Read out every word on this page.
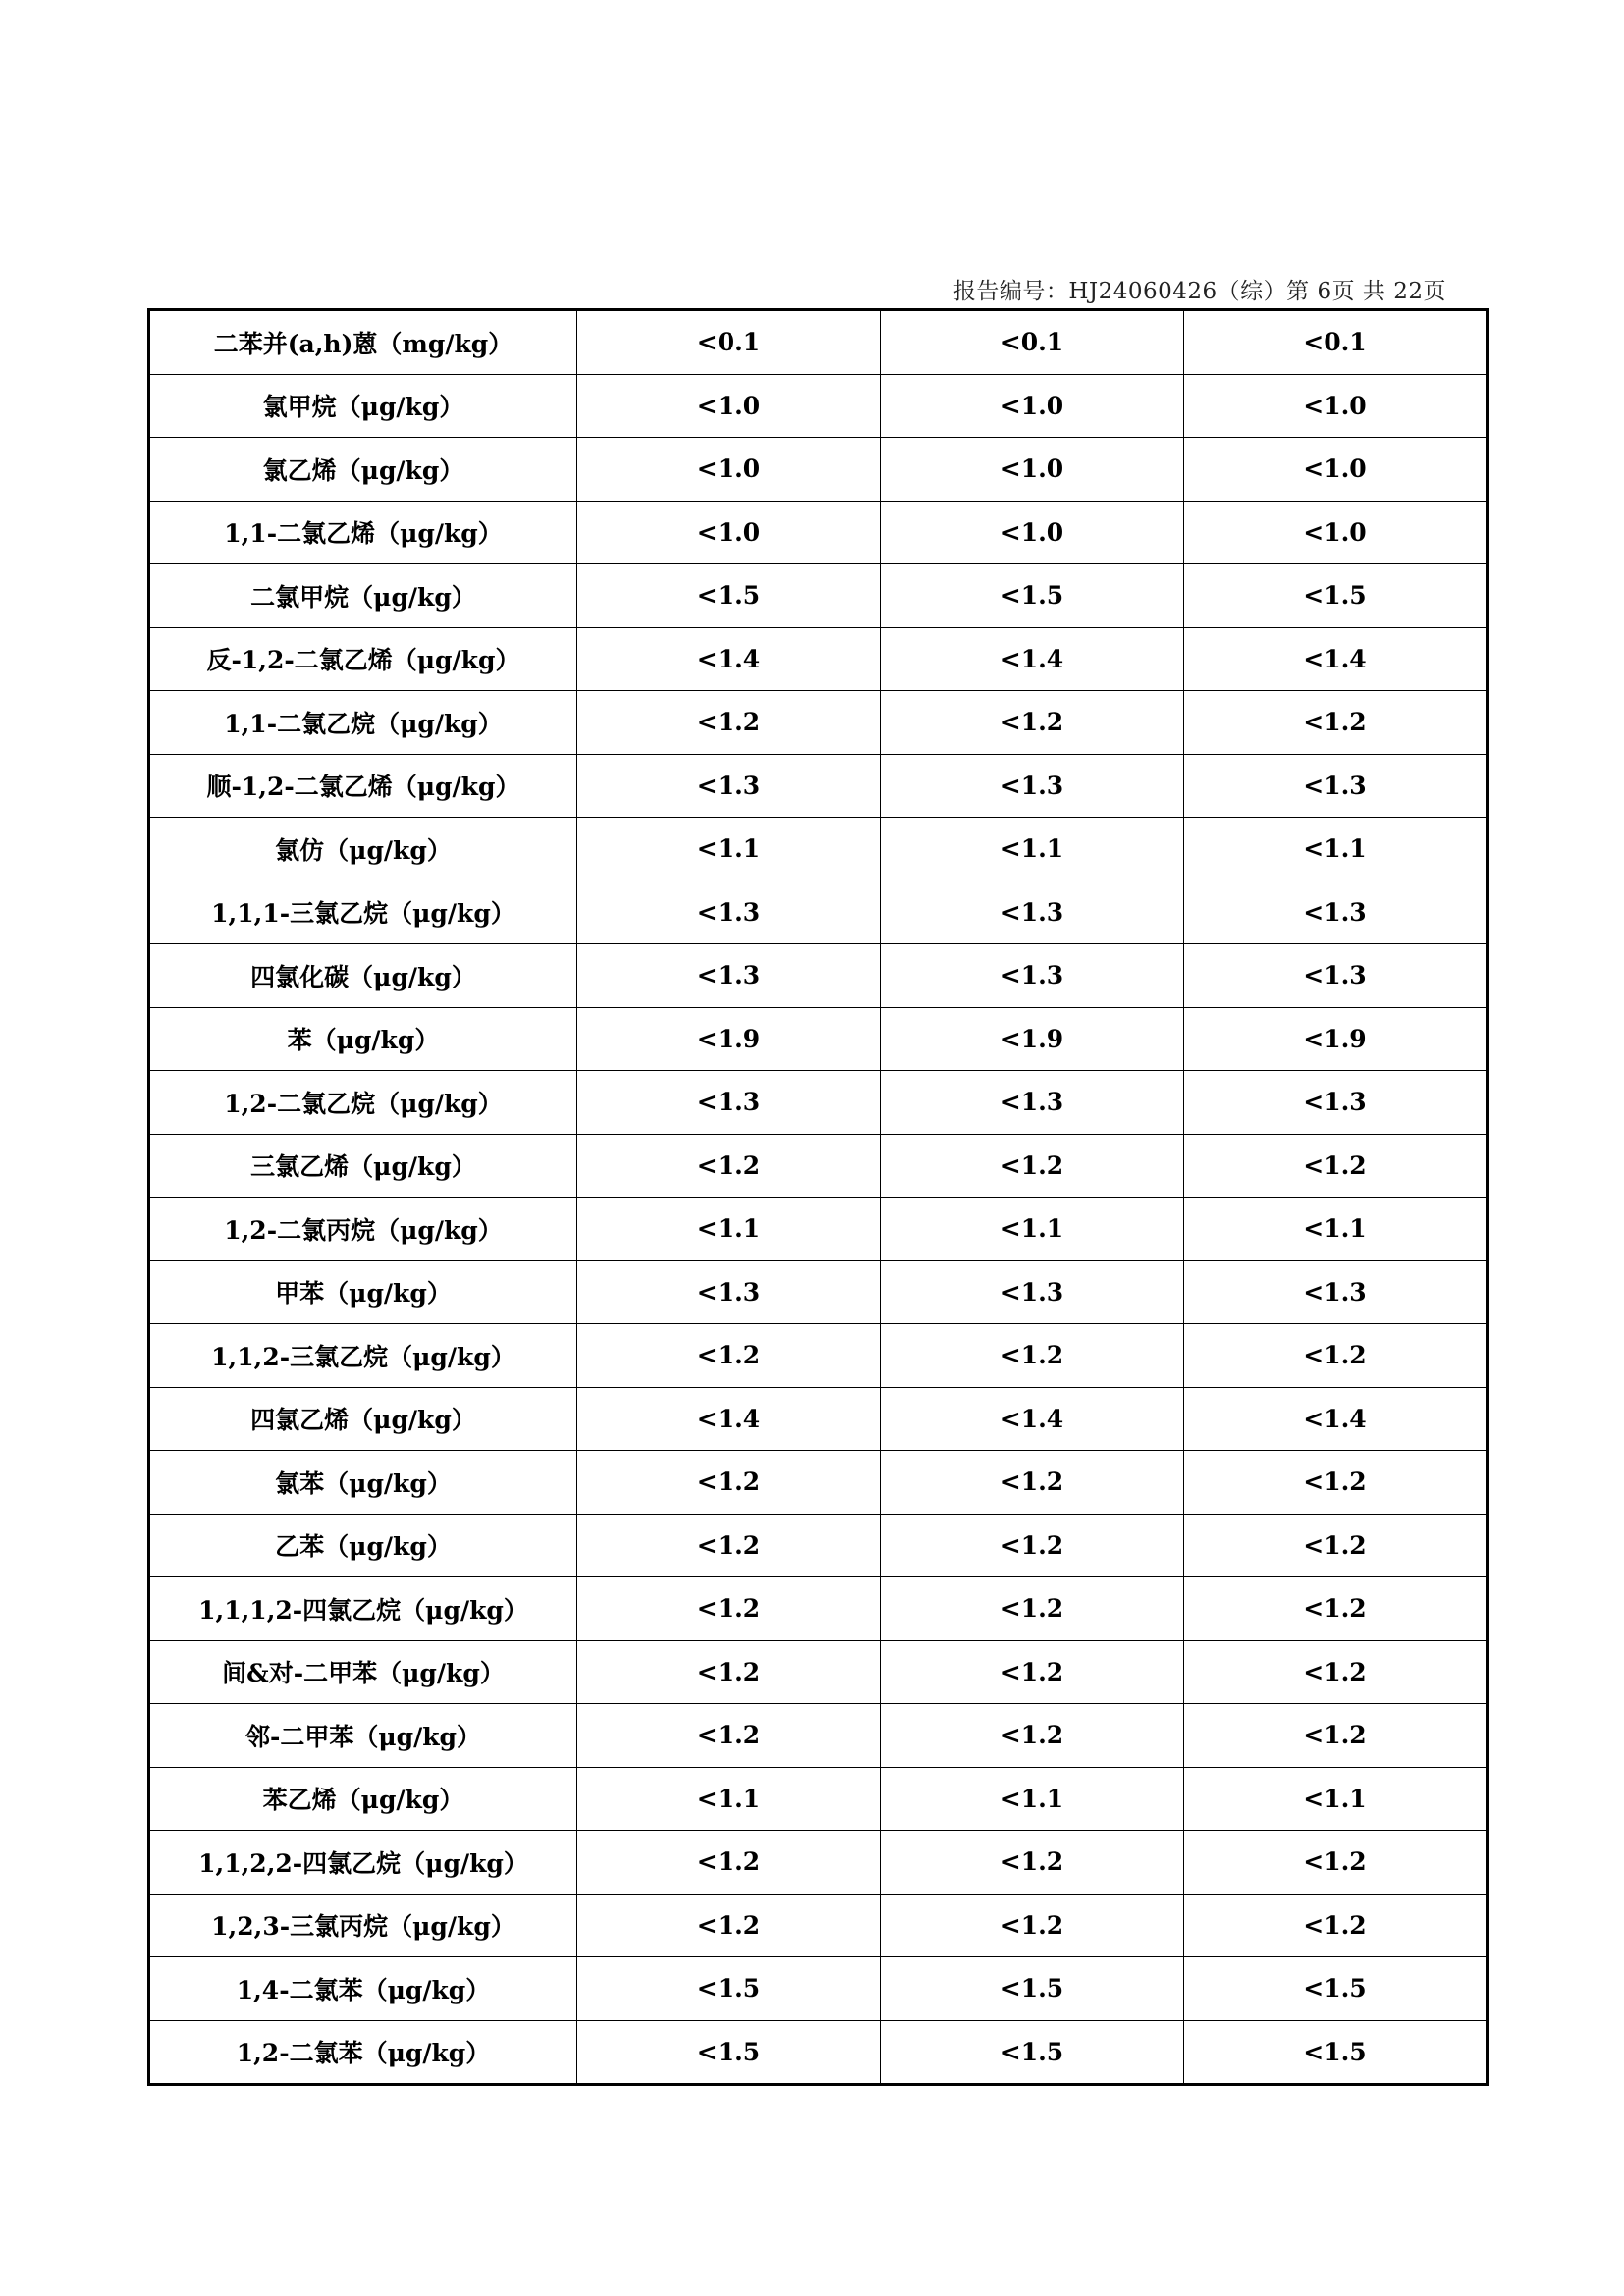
报告编号：HJ24060426（综）第 6页 共 22页
二苯并(a,h)蒽（mg/kg）	<0.1	<0.1	<0.1
氯甲烷（μg/kg）	<1.0	<1.0	<1.0
氯乙烯（μg/kg）	<1.0	<1.0	<1.0
1,1-二氯乙烯（μg/kg）	<1.0	<1.0	<1.0
二氯甲烷（μg/kg）	<1.5	<1.5	<1.5
反-1,2-二氯乙烯（μg/kg）	<1.4	<1.4	<1.4
1,1-二氯乙烷（μg/kg）	<1.2	<1.2	<1.2
顺-1,2-二氯乙烯（μg/kg）	<1.3	<1.3	<1.3
氯仿（μg/kg）	<1.1	<1.1	<1.1
1,1,1-三氯乙烷（μg/kg）	<1.3	<1.3	<1.3
四氯化碳（μg/kg）	<1.3	<1.3	<1.3
苯（μg/kg）	<1.9	<1.9	<1.9
1,2-二氯乙烷（μg/kg）	<1.3	<1.3	<1.3
三氯乙烯（μg/kg）	<1.2	<1.2	<1.2
1,2-二氯丙烷（μg/kg）	<1.1	<1.1	<1.1
甲苯（μg/kg）	<1.3	<1.3	<1.3
1,1,2-三氯乙烷（μg/kg）	<1.2	<1.2	<1.2
四氯乙烯（μg/kg）	<1.4	<1.4	<1.4
氯苯（μg/kg）	<1.2	<1.2	<1.2
乙苯（μg/kg）	<1.2	<1.2	<1.2
1,1,1,2-四氯乙烷（μg/kg）	<1.2	<1.2	<1.2
间&对-二甲苯（μg/kg）	<1.2	<1.2	<1.2
邻-二甲苯（μg/kg）	<1.2	<1.2	<1.2
苯乙烯（μg/kg）	<1.1	<1.1	<1.1
1,1,2,2-四氯乙烷（μg/kg）	<1.2	<1.2	<1.2
1,2,3-三氯丙烷（μg/kg）	<1.2	<1.2	<1.2
1,4-二氯苯（μg/kg）	<1.5	<1.5	<1.5
1,2-二氯苯（μg/kg）	<1.5	<1.5	<1.5
